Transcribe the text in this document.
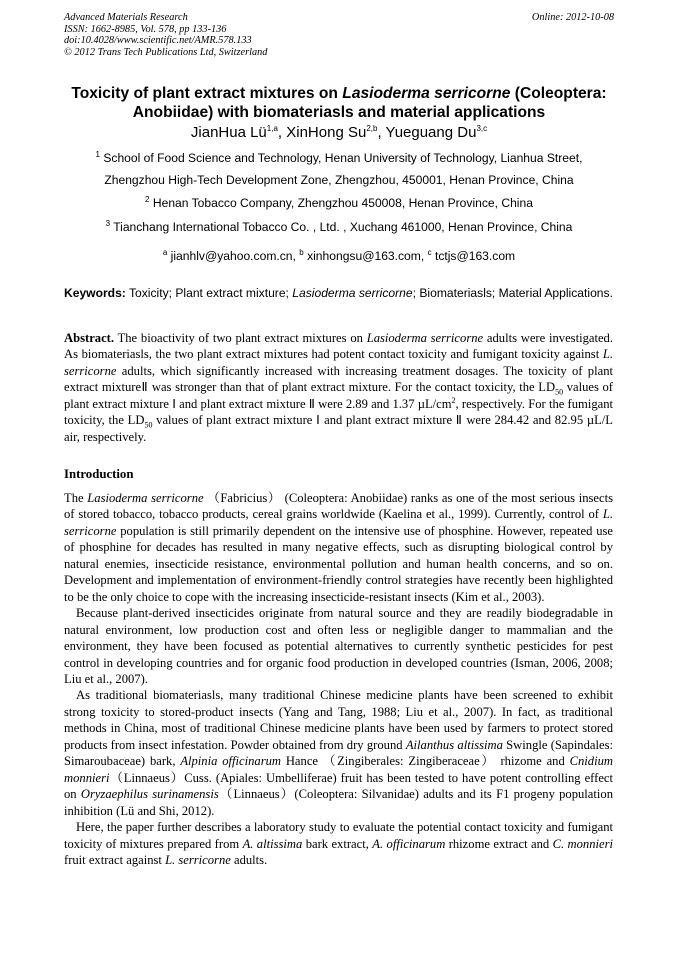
Advanced Materials Research
ISSN: 1662-8985, Vol. 578, pp 133-136
doi:10.4028/www.scientific.net/AMR.578.133
© 2012 Trans Tech Publications Ltd, Switzerland
Online: 2012-10-08
Toxicity of plant extract mixtures on Lasioderma serricorne (Coleoptera: Anobiidae) with biomateriasls and material applications
JianHua Lü$^{1,a}$, XinHong Su$^{2,b}$, Yueguang Du$^{3,c}$
$^1$ School of Food Science and Technology, Henan University of Technology, Lianhua Street,
Zhengzhou High-Tech Development Zone, Zhengzhou, 450001, Henan Province, China
$^2$ Henan Tobacco Company, Zhengzhou 450008, Henan Province, China
$^3$ Tianchang International Tobacco Co. , Ltd. , Xuchang 461000, Henan Province, China
$^a$ jianhlv@yahoo.com.cn, $^b$ xinhongsu@163.com, $^c$ tctjs@163.com
Keywords: Toxicity; Plant extract mixture; Lasioderma serricorne; Biomateriasls; Material Applications.

Abstract. The bioactivity of two plant extract mixtures on Lasioderma serricorne adults were investigated. As biomateriasls, the two plant extract mixtures had potent contact toxicity and fumigant toxicity against L. serricorne adults, which significantly increased with increasing treatment dosages. The toxicity of plant extract mixtureⅡ was stronger than that of plant extract mixture. For the contact toxicity, the $LD_{50}$ values of plant extract mixture Ⅰ and plant extract mixture Ⅱ were 2.89 and 1.37 $\mu L/cm^2$, respectively. For the fumigant toxicity, the $LD_{50}$ values of plant extract mixture Ⅰ and plant extract mixture Ⅱ were 284.42 and 82.95 µL/L air, respectively.

Introduction

The Lasioderma serricorne （Fabricius） (Coleoptera: Anobiidae) ranks as one of the most serious insects of stored tobacco, tobacco products, cereal grains worldwide (Kaelina et al., 1999). Currently, control of L. serricorne population is still primarily dependent on the intensive use of phosphine. However, repeated use of phosphine for decades has resulted in many negative effects, such as disrupting biological control by natural enemies, insecticide resistance, environmental pollution and human health concerns, and so on. Development and implementation of environment-friendly control strategies have recently been highlighted to be the only choice to cope with the increasing insecticide-resistant insects (Kim et al., 2003).

Because plant-derived insecticides originate from natural source and they are readily biodegradable in natural environment, low production cost and often less or negligible danger to mammalian and the environment, they have been focused as potential alternatives to currently synthetic pesticides for pest control in developing countries and for organic food production in developed countries (Isman, 2006, 2008; Liu et al., 2007).

As traditional biomateriasls, many traditional Chinese medicine plants have been screened to exhibit strong toxicity to stored-product insects (Yang and Tang, 1988; Liu et al., 2007). In fact, as traditional methods in China, most of traditional Chinese medicine plants have been used by farmers to protect stored products from insect infestation. Powder obtained from dry ground Ailanthus altissima Swingle (Sapindales: Simaroubaceae) bark, Alpinia officinarum Hance （Zingiberales: Zingiberaceae） rhizome and Cnidium monnieri（Linnaeus）Cuss. (Apiales: Umbelliferae) fruit has been tested to have potent controlling effect on Oryzaephilus surinamensis（Linnaeus）(Coleoptera: Silvanidae) adults and its F1 progeny population inhibition (Lü and Shi, 2012).

Here, the paper further describes a laboratory study to evaluate the potential contact toxicity and fumigant toxicity of mixtures prepared from A. altissima bark extract, A. officinarum rhizome extract and C. monnieri fruit extract against L. serricorne adults.
